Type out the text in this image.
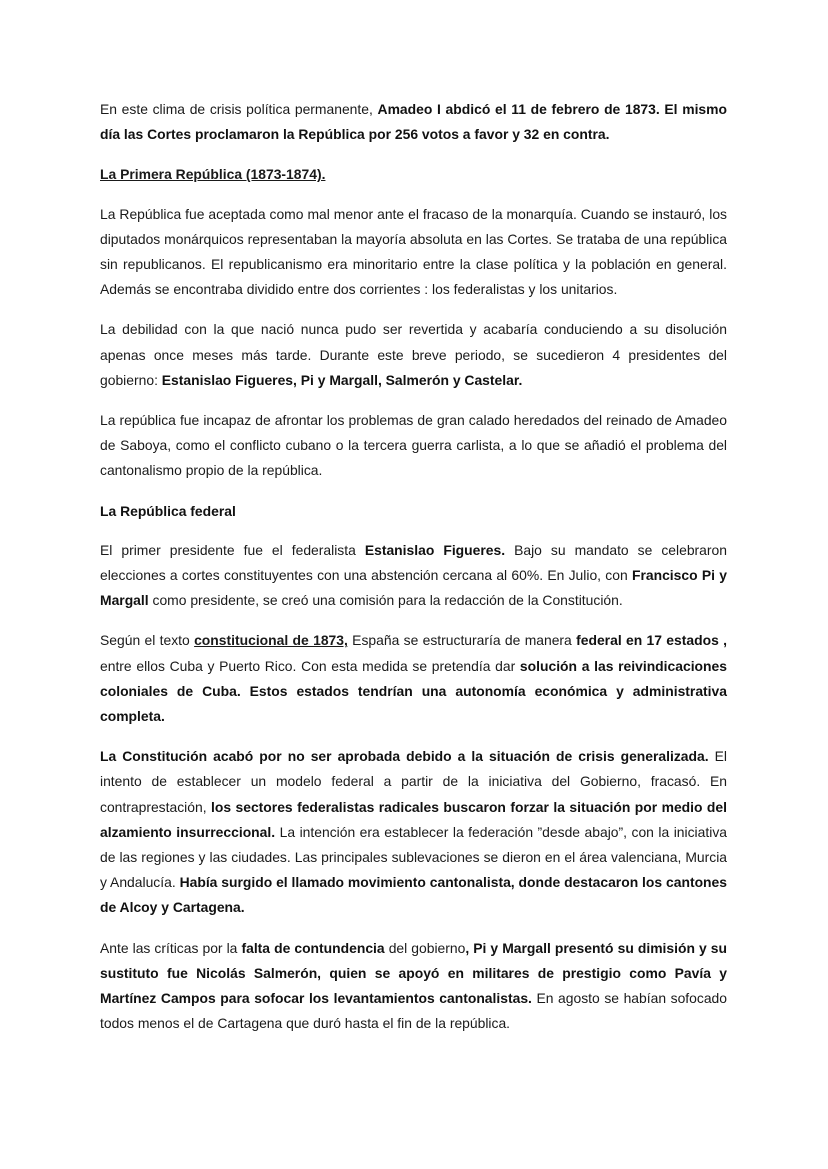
En este clima de crisis política permanente, Amadeo I abdicó el 11 de febrero de 1873. El mismo día las Cortes proclamaron la República por 256 votos a favor y 32 en contra.

La Primera República (1873-1874).

La República fue aceptada como mal menor ante el fracaso de la monarquía. Cuando se instauró, los diputados monárquicos representaban la mayoría absoluta en las Cortes. Se trataba de una república sin republicanos. El republicanismo era minoritario entre la clase política y la población en general. Además se encontraba dividido entre dos corrientes : los federalistas y los unitarios.

La debilidad con la que nació nunca pudo ser revertida y acabaría conduciendo a su disolución apenas once meses más tarde. Durante este breve periodo, se sucedieron 4 presidentes del gobierno: Estanislao Figueres, Pi y Margall, Salmerón y Castelar.

La república fue incapaz de afrontar los problemas de gran calado heredados del reinado de Amadeo de Saboya, como el conflicto cubano o la tercera guerra carlista, a lo que se añadió el problema del cantonalismo propio de la república.

La República federal

El primer presidente fue el federalista Estanislao Figueres. Bajo su mandato se celebraron elecciones a cortes constituyentes con una abstención cercana al 60%. En Julio, con Francisco Pi y Margall como presidente, se creó una comisión para la redacción de la Constitución.

Según el texto constitucional de 1873, España se estructuraría de manera federal en 17 estados , entre ellos Cuba y Puerto Rico. Con esta medida se pretendía dar solución a las reivindicaciones coloniales de Cuba. Estos estados tendrían una autonomía económica y administrativa completa.

La Constitución acabó por no ser aprobada debido a la situación de crisis generalizada. El intento de establecer un modelo federal a partir de la iniciativa del Gobierno, fracasó. En contraprestación, los sectores federalistas radicales buscaron forzar la situación por medio del alzamiento insurreccional. La intención era establecer la federación ”desde abajo”, con la iniciativa de las regiones y las ciudades. Las principales sublevaciones se dieron en el área valenciana, Murcia y Andalucía. Había surgido el llamado movimiento cantonalista, donde destacaron los cantones de Alcoy y Cartagena.

Ante las críticas por la falta de contundencia del gobierno, Pi y Margall presentó su dimisión y su sustituto fue Nicolás Salmerón, quien se apoyó en militares de prestigio como Pavía y Martínez Campos para sofocar los levantamientos cantonalistas. En agosto se habían sofocado todos menos el de Cartagena que duró hasta el fin de la república.
